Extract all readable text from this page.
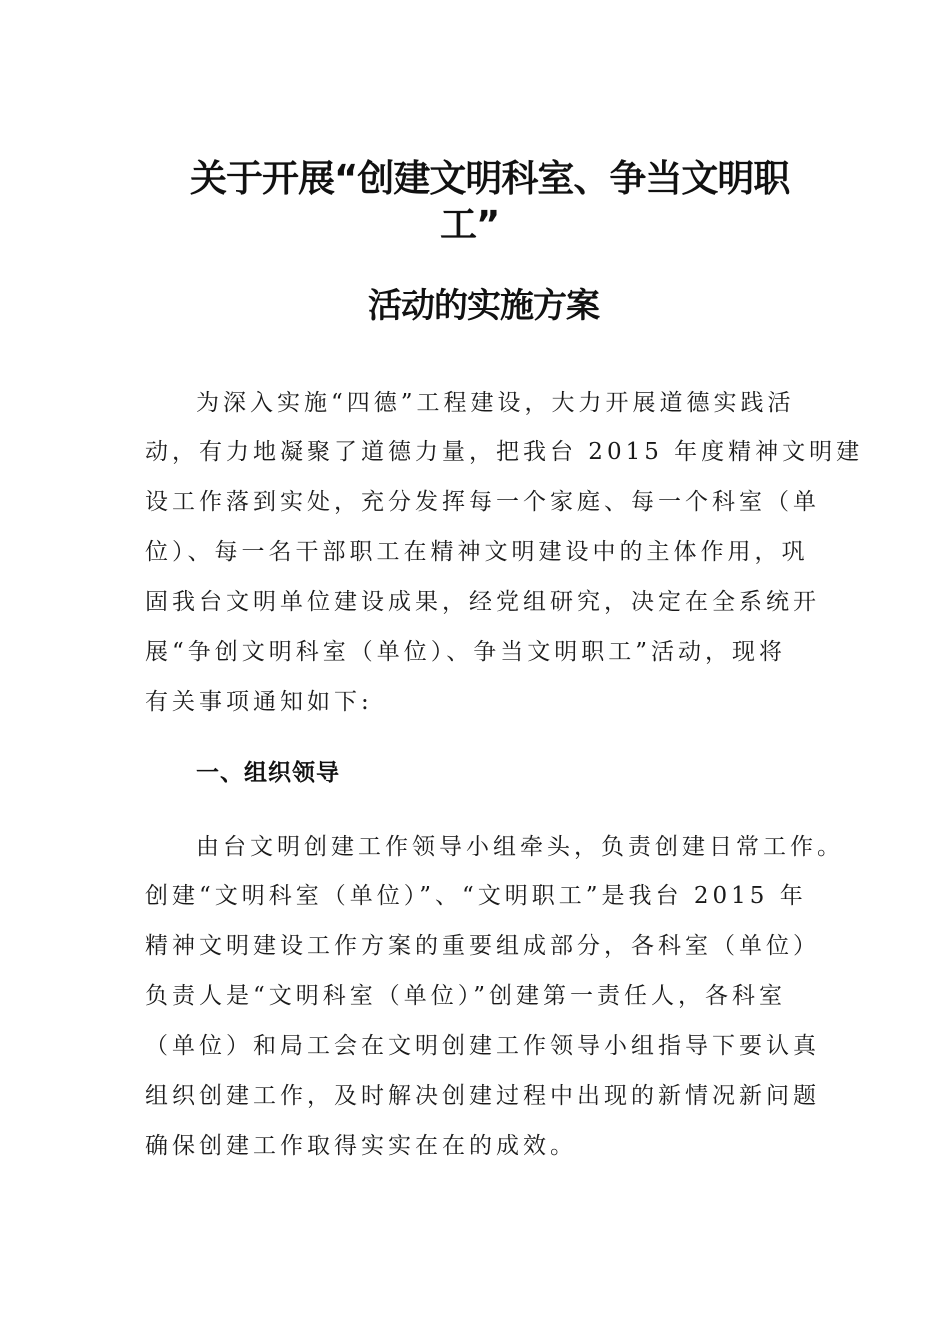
关于开展“创建文明科室、争当文明职
工”
活动的实施方案
为深入实施“四德”工程建设，大力开展道德实践活
动，有力地凝聚了道德力量，把我台 2015 年度精神文明建
设工作落到实处，充分发挥每一个家庭、每一个科室（单
位）、每一名干部职工在精神文明建设中的主体作用，巩
固我台文明单位建设成果，经党组研究，决定在全系统开
展“争创文明科室（单位）、争当文明职工”活动，现将
有关事项通知如下:
一、组织领导
由台文明创建工作领导小组牵头，负责创建日常工作。
创建“文明科室（单位）”、“文明职工”是我台 2015 年
精神文明建设工作方案的重要组成部分，各科室（单位）
负责人是“文明科室（单位）”创建第一责任人，各科室
（单位）和局工会在文明创建工作领导小组指导下要认真
组织创建工作，及时解决创建过程中出现的新情况新问题
确保创建工作取得实实在在的成效。
